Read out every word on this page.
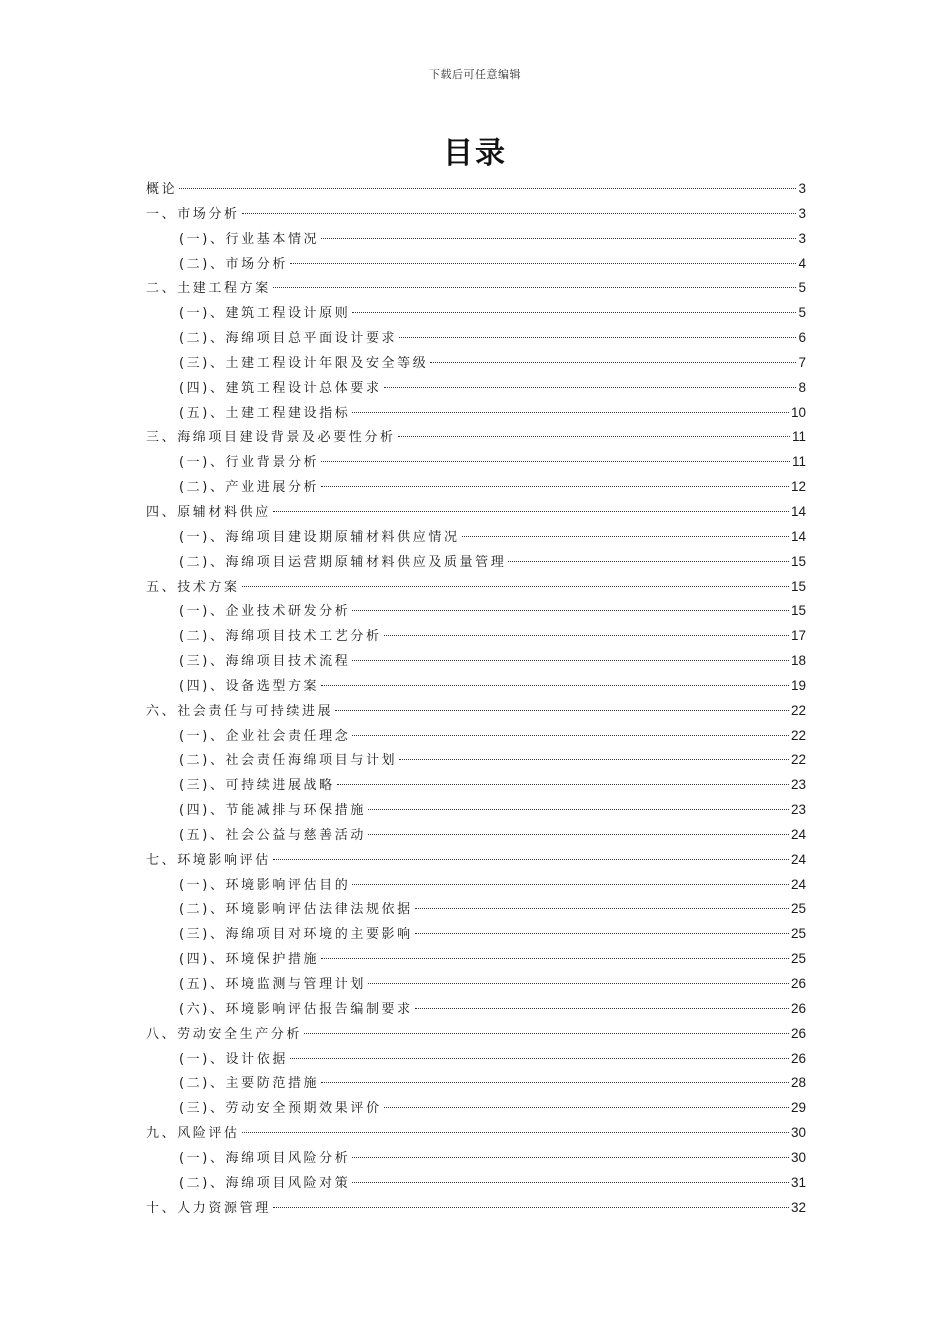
下载后可任意编辑
目录
概论	3
一、市场分析	3
(一)、行业基本情况	3
(二)、市场分析	4
二、土建工程方案	5
(一)、建筑工程设计原则	5
(二)、海绵项目总平面设计要求	6
(三)、土建工程设计年限及安全等级	7
(四)、建筑工程设计总体要求	8
(五)、土建工程建设指标	10
三、海绵项目建设背景及必要性分析	11
(一)、行业背景分析	11
(二)、产业进展分析	12
四、原辅材料供应	14
(一)、海绵项目建设期原辅材料供应情况	14
(二)、海绵项目运营期原辅材料供应及质量管理	15
五、技术方案	15
(一)、企业技术研发分析	15
(二)、海绵项目技术工艺分析	17
(三)、海绵项目技术流程	18
(四)、设备选型方案	19
六、社会责任与可持续进展	22
(一)、企业社会责任理念	22
(二)、社会责任海绵项目与计划	22
(三)、可持续进展战略	23
(四)、节能减排与环保措施	23
(五)、社会公益与慈善活动	24
七、环境影响评估	24
(一)、环境影响评估目的	24
(二)、环境影响评估法律法规依据	25
(三)、海绵项目对环境的主要影响	25
(四)、环境保护措施	25
(五)、环境监测与管理计划	26
(六)、环境影响评估报告编制要求	26
八、劳动安全生产分析	26
(一)、设计依据	26
(二)、主要防范措施	28
(三)、劳动安全预期效果评价	29
九、风险评估	30
(一)、海绵项目风险分析	30
(二)、海绵项目风险对策	31
十、人力资源管理	32
